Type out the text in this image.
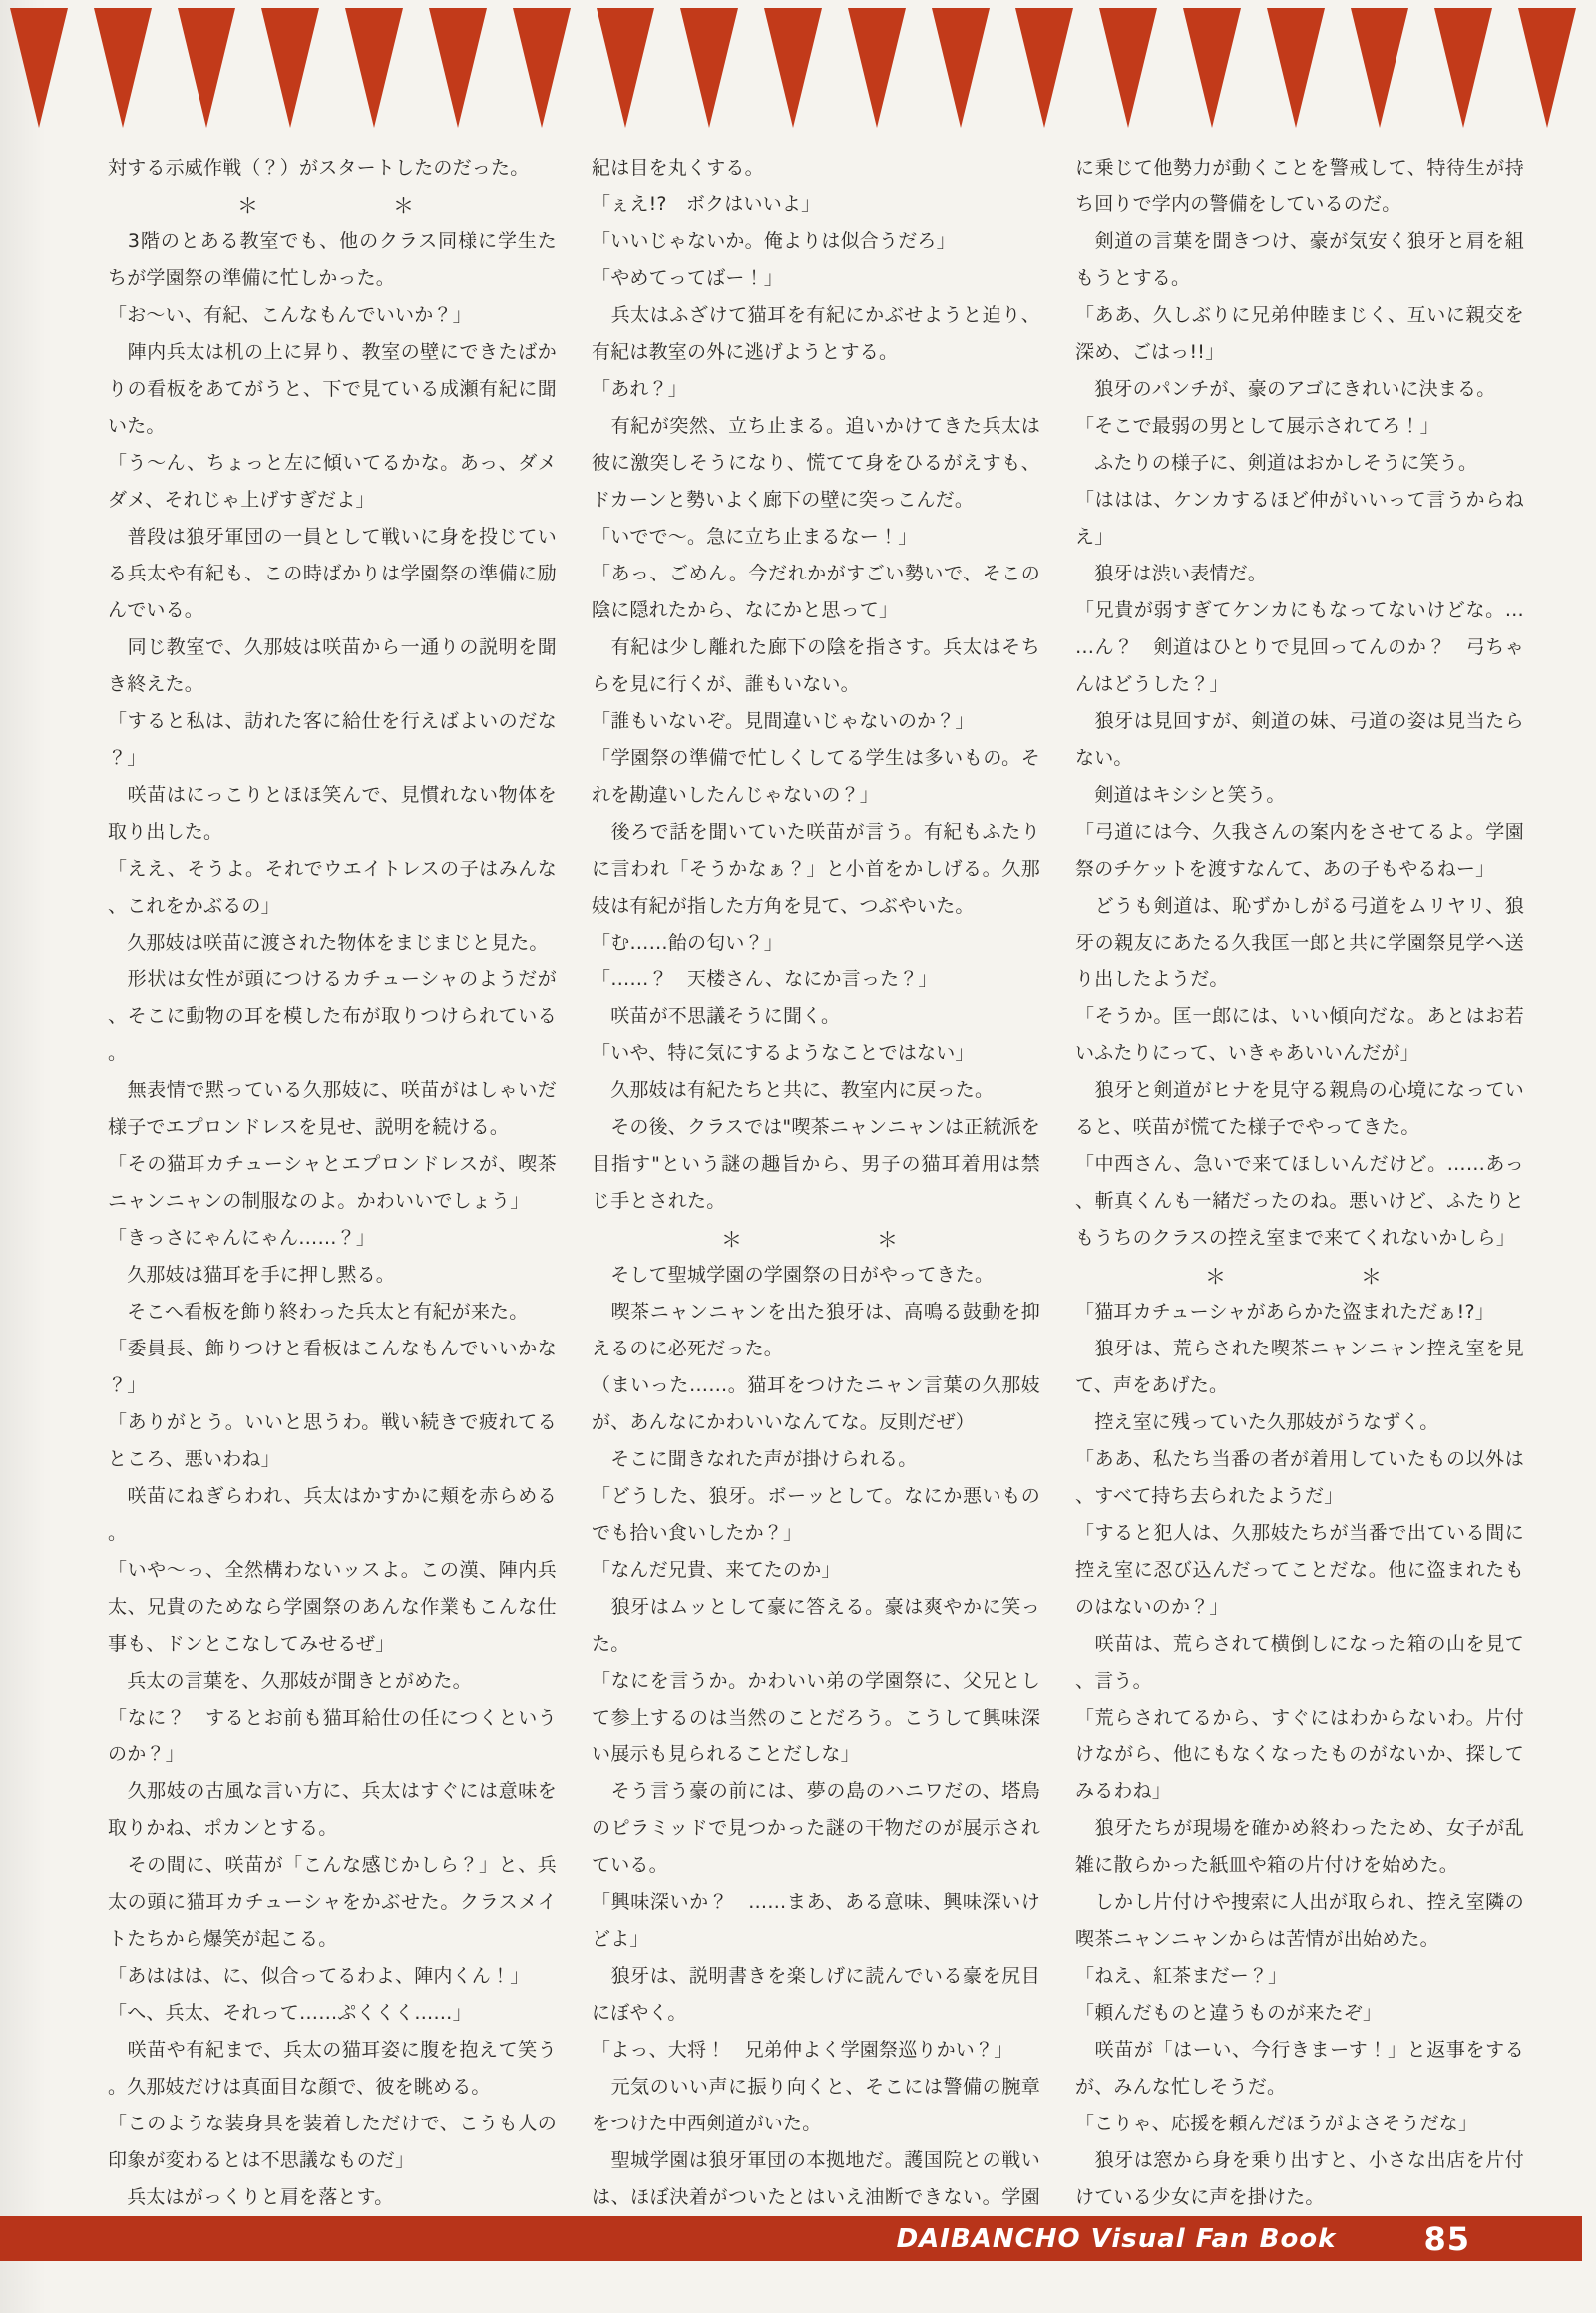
対する示威作戦（？）がスタートしたのだった。

＊	＊

　3階のとある教室でも、他のクラス同様に学生たちが学園祭の準備に忙しかった。

「お〜い、有紀、こんなもんでいいか？」

　陣内兵太は机の上に昇り、教室の壁にできたばかりの看板をあてがうと、下で見ている成瀬有紀に聞いた。

「う〜ん、ちょっと左に傾いてるかな。あっ、ダメダメ、それじゃ上げすぎだよ」

　普段は狼牙軍団の一員として戦いに身を投じている兵太や有紀も、この時ばかりは学園祭の準備に励んでいる。

　同じ教室で、久那妓は咲苗から一通りの説明を聞き終えた。

「すると私は、訪れた客に給仕を行えばよいのだな？」

　咲苗はにっこりとほほ笑んで、見慣れない物体を取り出した。

「ええ、そうよ。それでウエイトレスの子はみんな、これをかぶるの」

　久那妓は咲苗に渡された物体をまじまじと見た。

　形状は女性が頭につけるカチューシャのようだが、そこに動物の耳を模した布が取りつけられている。

　無表情で黙っている久那妓に、咲苗がはしゃいだ様子でエプロンドレスを見せ、説明を続ける。

「その猫耳カチューシャとエプロンドレスが、喫茶ニャンニャンの制服なのよ。かわいいでしょう」

「きっさにゃんにゃん……？」

　久那妓は猫耳を手に押し黙る。

　そこへ看板を飾り終わった兵太と有紀が来た。

「委員長、飾りつけと看板はこんなもんでいいかな？」

「ありがとう。いいと思うわ。戦い続きで疲れてるところ、悪いわね」

　咲苗にねぎらわれ、兵太はかすかに頬を赤らめる。

「いや〜っ、全然構わないッスよ。この漢、陣内兵太、兄貴のためなら学園祭のあんな作業もこんな仕事も、ドンとこなしてみせるぜ」

　兵太の言葉を、久那妓が聞きとがめた。

「なに？　するとお前も猫耳給仕の任につくというのか？」

　久那妓の古風な言い方に、兵太はすぐには意味を取りかね、ポカンとする。

　その間に、咲苗が「こんな感じかしら？」と、兵太の頭に猫耳カチューシャをかぶせた。クラスメイトたちから爆笑が起こる。

「あははは、に、似合ってるわよ、陣内くん！」

「へ、兵太、それって……ぷくくく……」

　咲苗や有紀まで、兵太の猫耳姿に腹を抱えて笑う。久那妓だけは真面目な顔で、彼を眺める。

「このような装身具を装着しただけで、こうも人の印象が変わるとは不思議なものだ」

　兵太はがっくりと肩を落とす。

紀は目を丸くする。

「ぇえ!?　ボクはいいよ」

「いいじゃないか。俺よりは似合うだろ」

「やめてってばー！」

　兵太はふざけて猫耳を有紀にかぶせようと迫り、有紀は教室の外に逃げようとする。

「あれ？」

　有紀が突然、立ち止まる。追いかけてきた兵太は彼に激突しそうになり、慌てて身をひるがえすも、ドカーンと勢いよく廊下の壁に突っこんだ。

「いでで〜。急に立ち止まるなー！」

「あっ、ごめん。今だれかがすごい勢いで、そこの陰に隠れたから、なにかと思って」

　有紀は少し離れた廊下の陰を指さす。兵太はそちらを見に行くが、誰もいない。

「誰もいないぞ。見間違いじゃないのか？」

「学園祭の準備で忙しくしてる学生は多いもの。それを勘違いしたんじゃないの？」

　後ろで話を聞いていた咲苗が言う。有紀もふたりに言われ「そうかなぁ？」と小首をかしげる。久那妓は有紀が指した方角を見て、つぶやいた。

「む……飴の匂い？」

「……？　天楼さん、なにか言った？」

　咲苗が不思議そうに聞く。

「いや、特に気にするようなことではない」

　久那妓は有紀たちと共に、教室内に戻った。

　その後、クラスでは"喫茶ニャンニャンは正統派を目指す"という謎の趣旨から、男子の猫耳着用は禁じ手とされた。

＊	＊

　そして聖城学園の学園祭の日がやってきた。

　喫茶ニャンニャンを出た狼牙は、高鳴る鼓動を抑えるのに必死だった。

（まいった……。猫耳をつけたニャン言葉の久那妓が、あんなにかわいいなんてな。反則だぜ）

　そこに聞きなれた声が掛けられる。

「どうした、狼牙。ボーッとして。なにか悪いものでも拾い食いしたか？」

「なんだ兄貴、来てたのか」

　狼牙はムッとして豪に答える。豪は爽やかに笑った。

「なにを言うか。かわいい弟の学園祭に、父兄として参上するのは当然のことだろう。こうして興味深い展示も見られることだしな」

　そう言う豪の前には、夢の島のハニワだの、塔鳥のピラミッドで見つかった謎の干物だのが展示されている。

「興味深いか？　……まあ、ある意味、興味深いけどよ」

　狼牙は、説明書きを楽しげに読んでいる豪を尻目にぼやく。

「よっ、大将！　兄弟仲よく学園祭巡りかい？」

　元気のいい声に振り向くと、そこには警備の腕章をつけた中西剣道がいた。

　聖城学園は狼牙軍団の本拠地だ。護国院との戦いは、ほぼ決着がついたとはいえ油断できない。学園

に乗じて他勢力が動くことを警戒して、特待生が持ち回りで学内の警備をしているのだ。

　剣道の言葉を聞きつけ、豪が気安く狼牙と肩を組もうとする。

「ああ、久しぶりに兄弟仲睦まじく、互いに親交を深め、ごはっ!!」

　狼牙のパンチが、豪のアゴにきれいに決まる。

「そこで最弱の男として展示されてろ！」

　ふたりの様子に、剣道はおかしそうに笑う。

「ははは、ケンカするほど仲がいいって言うからねえ」

　狼牙は渋い表情だ。

「兄貴が弱すぎてケンカにもなってないけどな。……ん？　剣道はひとりで見回ってんのか？　弓ちゃんはどうした？」

　狼牙は見回すが、剣道の妹、弓道の姿は見当たらない。

　剣道はキシシと笑う。

「弓道には今、久我さんの案内をさせてるよ。学園祭のチケットを渡すなんて、あの子もやるねー」

　どうも剣道は、恥ずかしがる弓道をムリヤリ、狼牙の親友にあたる久我匡一郎と共に学園祭見学へ送り出したようだ。

「そうか。匡一郎には、いい傾向だな。あとはお若いふたりにって、いきゃあいいんだが」

　狼牙と剣道がヒナを見守る親鳥の心境になっていると、咲苗が慌てた様子でやってきた。

「中西さん、急いで来てほしいんだけど。……あっ、斬真くんも一緒だったのね。悪いけど、ふたりともうちのクラスの控え室まで来てくれないかしら」

＊	＊

「猫耳カチューシャがあらかた盗まれただぁ!?」

　狼牙は、荒らされた喫茶ニャンニャン控え室を見て、声をあげた。

　控え室に残っていた久那妓がうなずく。

「ああ、私たち当番の者が着用していたもの以外は、すべて持ち去られたようだ」

「すると犯人は、久那妓たちが当番で出ている間に控え室に忍び込んだってことだな。他に盗まれたものはないのか？」

　咲苗は、荒らされて横倒しになった箱の山を見て、言う。

「荒らされてるから、すぐにはわからないわ。片付けながら、他にもなくなったものがないか、探してみるわね」

　狼牙たちが現場を確かめ終わったため、女子が乱雑に散らかった紙皿や箱の片付けを始めた。

　しかし片付けや捜索に人出が取られ、控え室隣の喫茶ニャンニャンからは苦情が出始めた。

「ねえ、紅茶まだー？」

「頼んだものと違うものが来たぞ」

　咲苗が「はーい、今行きまーす！」と返事をするが、みんな忙しそうだ。

「こりゃ、応援を頼んだほうがよさそうだな」

　狼牙は窓から身を乗り出すと、小さな出店を片付けている少女に声を掛けた。

DAIBANCHO Visual Fan Book	85
